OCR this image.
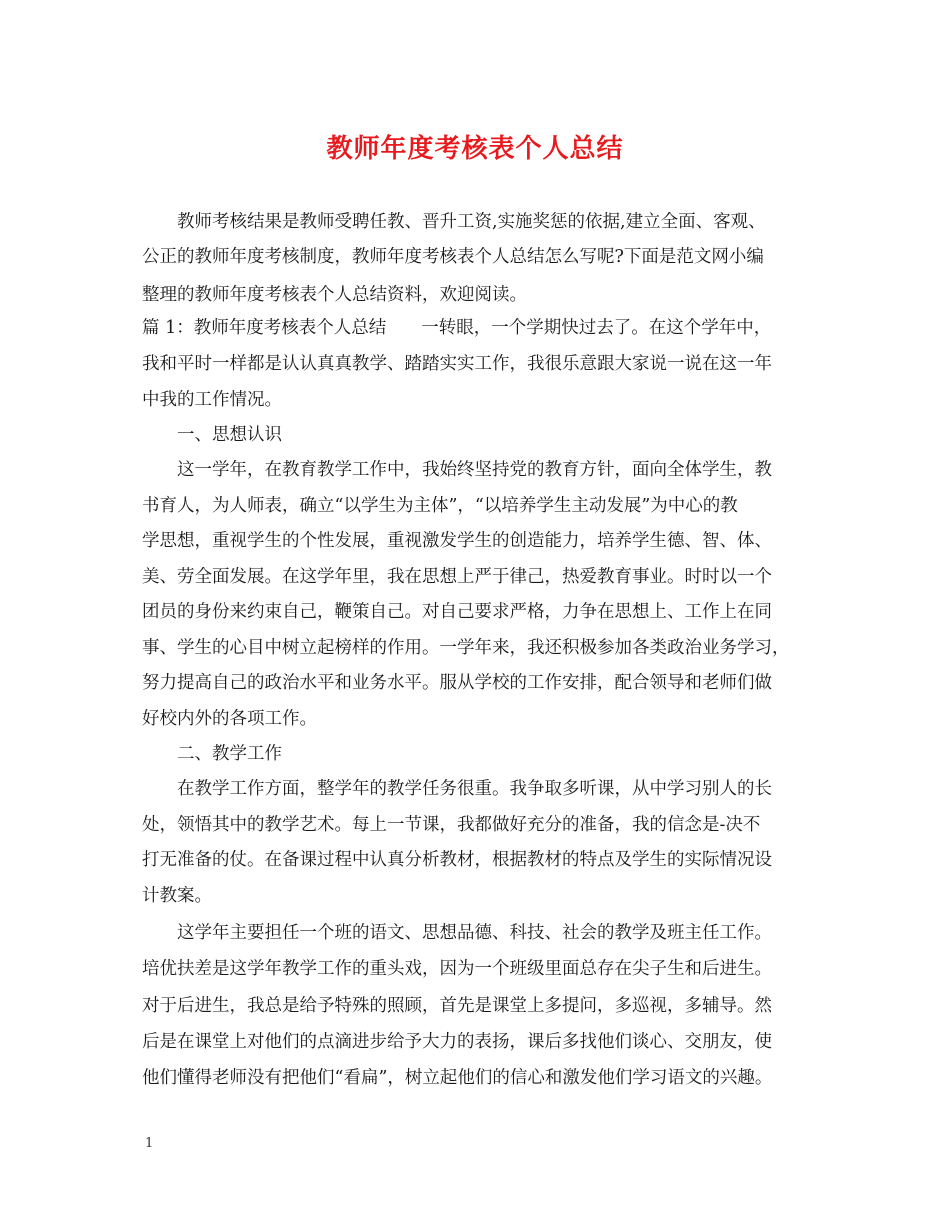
教师年度考核表个人总结
教师考核结果是教师受聘任教、晋升工资,实施奖惩的依据,建立全面、客观、
公正的教师年度考核制度，教师年度考核表个人总结怎么写呢?下面是范文网小编
整理的教师年度考核表个人总结资料，欢迎阅读。
篇 1：教师年度考核表个人总结　　一转眼，一个学期快过去了。在这个学年中，
我和平时一样都是认认真真教学、踏踏实实工作，我很乐意跟大家说一说在这一年
中我的工作情况。
一、思想认识
这一学年，在教育教学工作中，我始终坚持党的教育方针，面向全体学生，教
书育人，为人师表，确立“以学生为主体”，“以培养学生主动发展”为中心的教
学思想，重视学生的个性发展，重视激发学生的创造能力，培养学生德、智、体、
美、劳全面发展。在这学年里，我在思想上严于律己，热爱教育事业。时时以一个
团员的身份来约束自己，鞭策自己。对自己要求严格，力争在思想上、工作上在同
事、学生的心目中树立起榜样的作用。一学年来，我还积极参加各类政治业务学习，
努力提高自己的政治水平和业务水平。服从学校的工作安排，配合领导和老师们做
好校内外的各项工作。
二、教学工作
在教学工作方面，整学年的教学任务很重。我争取多听课，从中学习别人的长
处，领悟其中的教学艺术。每上一节课，我都做好充分的准备，我的信念是-决不
打无准备的仗。在备课过程中认真分析教材，根据教材的特点及学生的实际情况设
计教案。
这学年主要担任一个班的语文、思想品德、科技、社会的教学及班主任工作。
培优扶差是这学年教学工作的重头戏，因为一个班级里面总存在尖子生和后进生。
对于后进生，我总是给予特殊的照顾，首先是课堂上多提问，多巡视，多辅导。然
后是在课堂上对他们的点滴进步给予大力的表扬，课后多找他们谈心、交朋友，使
他们懂得老师没有把他们“看扁”，树立起他们的信心和激发他们学习语文的兴趣。
1
